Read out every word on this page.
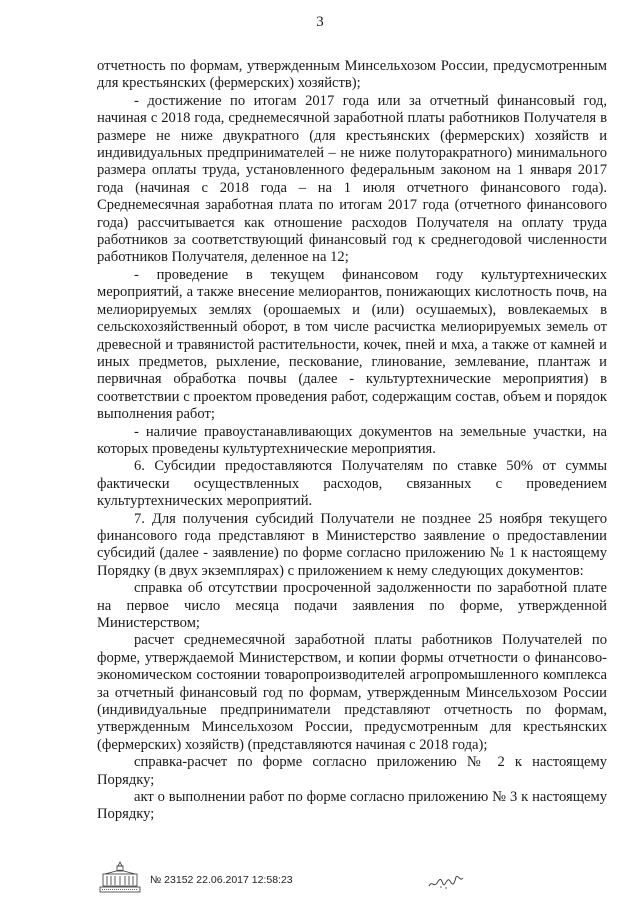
3

отчетность по формам, утвержденным Минсельхозом России, предусмотренным для крестьянских (фермерских) хозяйств);

- достижение по итогам 2017 года или за отчетный финансовый год, начиная с 2018 года, среднемесячной заработной платы работников Получателя в размере не ниже двукратного (для крестьянских (фермерских) хозяйств и индивидуальных предпринимателей – не ниже полуторакратного) минимального размера оплаты труда, установленного федеральным законом на 1 января 2017 года (начиная с 2018 года – на 1 июля отчетного финансового года). Среднемесячная заработная плата по итогам 2017 года (отчетного финансового года) рассчитывается как отношение расходов Получателя на оплату труда работников за соответствующий финансовый год к среднегодовой численности работников Получателя, деленное на 12;

- проведение в текущем финансовом году культуртехнических мероприятий, а также внесение мелиорантов, понижающих кислотность почв, на мелиорируемых землях (орошаемых и (или) осушаемых), вовлекаемых в сельскохозяйственный оборот, в том числе расчистка мелиорируемых земель от древесной и травянистой растительности, кочек, пней и мха, а также от камней и иных предметов, рыхление, пескование, глинование, землевание, плантаж и первичная обработка почвы (далее - культуртехнические мероприятия) в соответствии с проектом проведения работ, содержащим состав, объем и порядок выполнения работ;

- наличие правоустанавливающих документов на земельные участки, на которых проведены культуртехнические мероприятия.

6. Субсидии предоставляются Получателям по ставке 50% от суммы фактически осуществленных расходов, связанных с проведением культуртехнических мероприятий.

7. Для получения субсидий Получатели не позднее 25 ноября текущего финансового года представляют в Министерство заявление о предоставлении субсидий (далее - заявление) по форме согласно приложению № 1 к настоящему Порядку (в двух экземплярах) с приложением к нему следующих документов:

справка об отсутствии просроченной задолженности по заработной плате на первое число месяца подачи заявления по форме, утвержденной Министерством;

расчет среднемесячной заработной платы работников Получателей по форме, утверждаемой Министерством, и копии формы отчетности о финансово-экономическом состоянии товаропроизводителей агропромышленного комплекса за отчетный финансовый год по формам, утвержденным Минсельхозом России (индивидуальные предприниматели представляют отчетность по формам, утвержденным Минсельхозом России, предусмотренным для крестьянских (фермерских) хозяйств) (представляются начиная с 2018 года);

справка-расчет по форме согласно приложению № 2 к настоящему Порядку;

акт о выполнении работ по форме согласно приложению № 3 к настоящему Порядку;

№ 23152 22.06.2017 12:58:23
